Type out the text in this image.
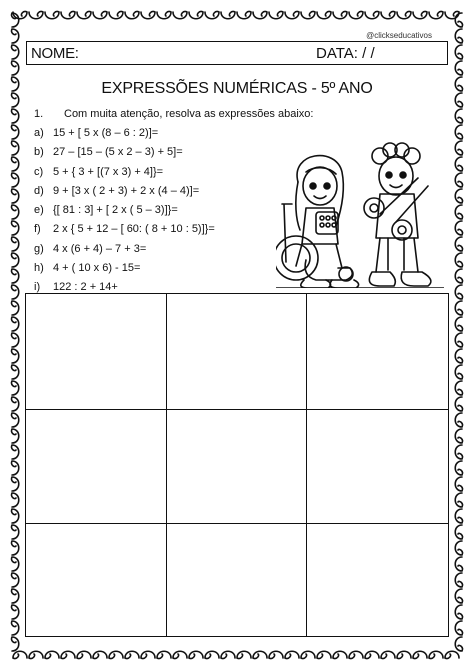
@clickseducativos
NOME:	DATA: / /
EXPRESSÕES NUMÉRICAS - 5º ANO
1. Com muita atenção, resolva as expressões abaixo:
a) 15 + [ 5 x (8 – 6 : 2)]=
b) 27 – [15 – (5 x 2 – 3) + 5]=
c) 5 + { 3 + [(7 x 3) + 4]}=
d) 9 + [3 x ( 2 + 3) + 2 x (4 – 4)]=
e) {[ 81 : 3] + [ 2 x ( 5 – 3)]}=
f) 2 x { 5 + 12 – [ 60: ( 8 + 10 : 5)]}=
g) 4 x (6 + 4) – 7 + 3=
h) 4 + ( 10 x 6) - 15=
i) 122 : 2 + 14+
